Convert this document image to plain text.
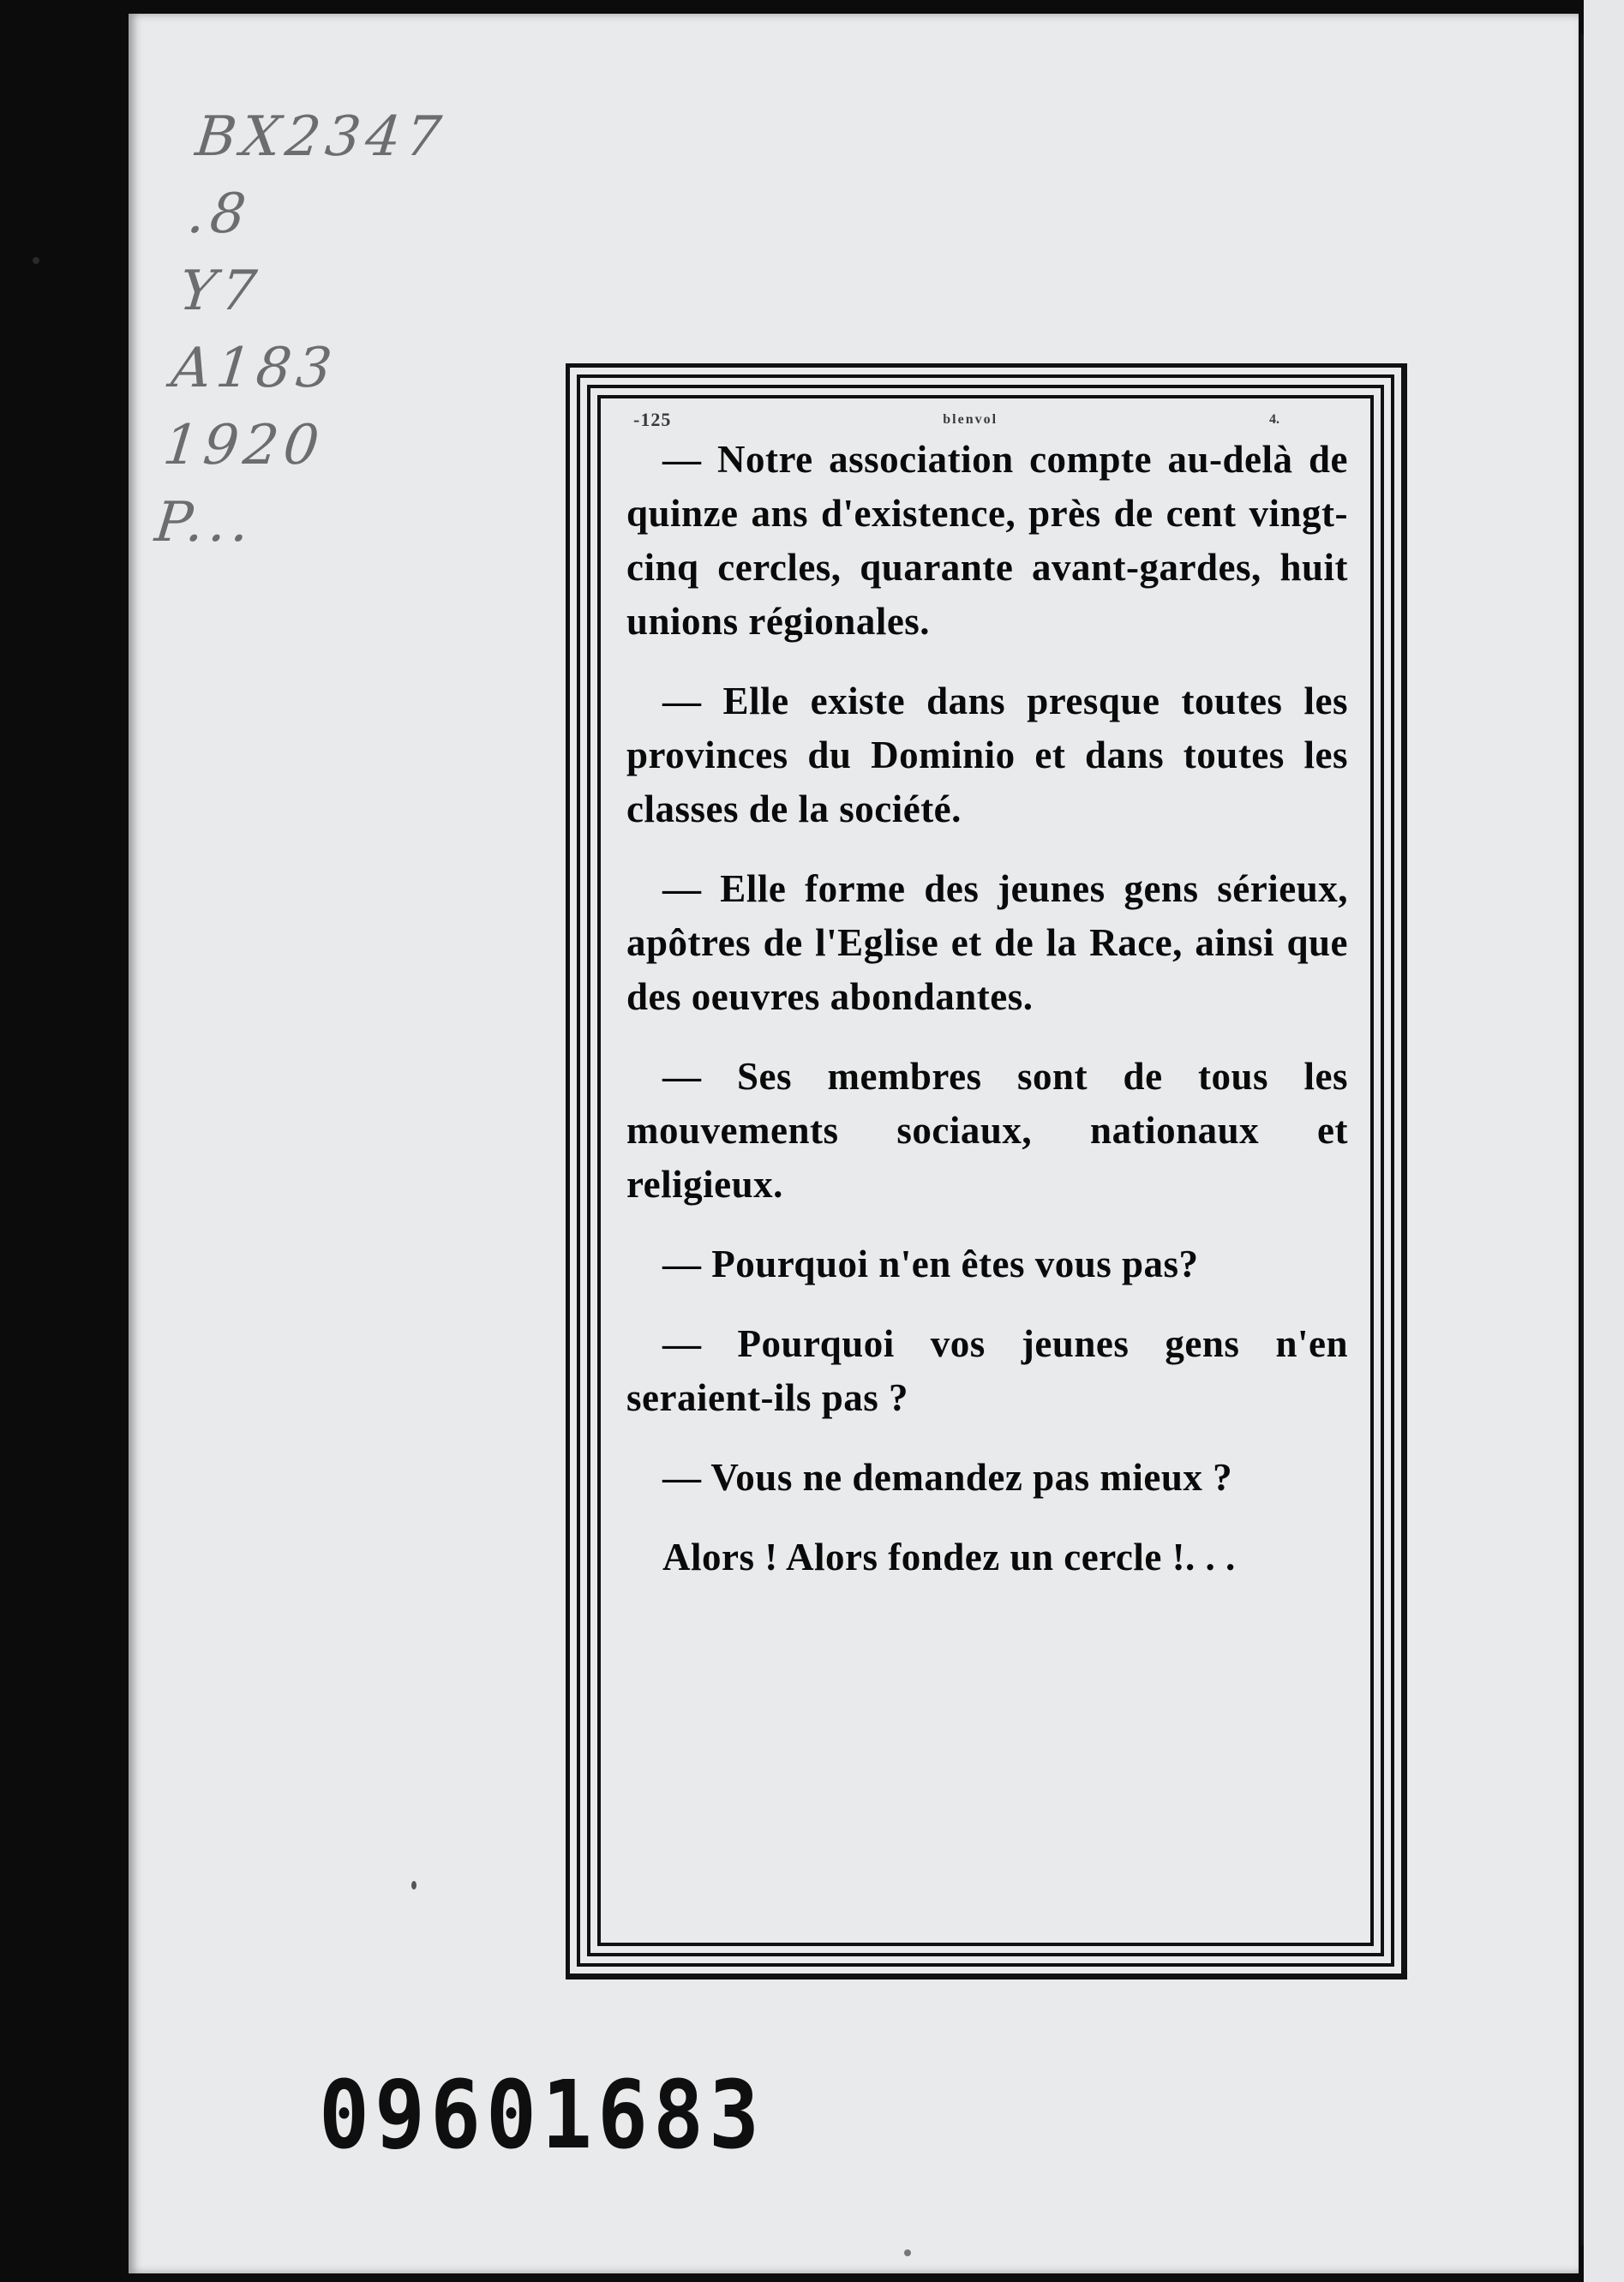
BX2347
.8
Y7
A183
1920
P...
-125	blenvol	4.

— Notre association compte au-delà de quinze ans d'existence, près de cent vingt-cinq cercles, quarante avant-gardes, huit unions régionales.

— Elle existe dans presque toutes les provinces du Dominio et dans toutes les classes de la société.

— Elle forme des jeunes gens sérieux, apôtres de l'Eglise et de la Race, ainsi que des oeuvres abondantes.

— Ses membres sont de tous les mouvements sociaux, nationaux et religieux.

— Pourquoi n'en êtes vous pas?

— Pourquoi vos jeunes gens n'en seraient-ils pas ?

— Vous ne demandez pas mieux ?

Alors ! Alors fondez un cercle !. . .

09601683
